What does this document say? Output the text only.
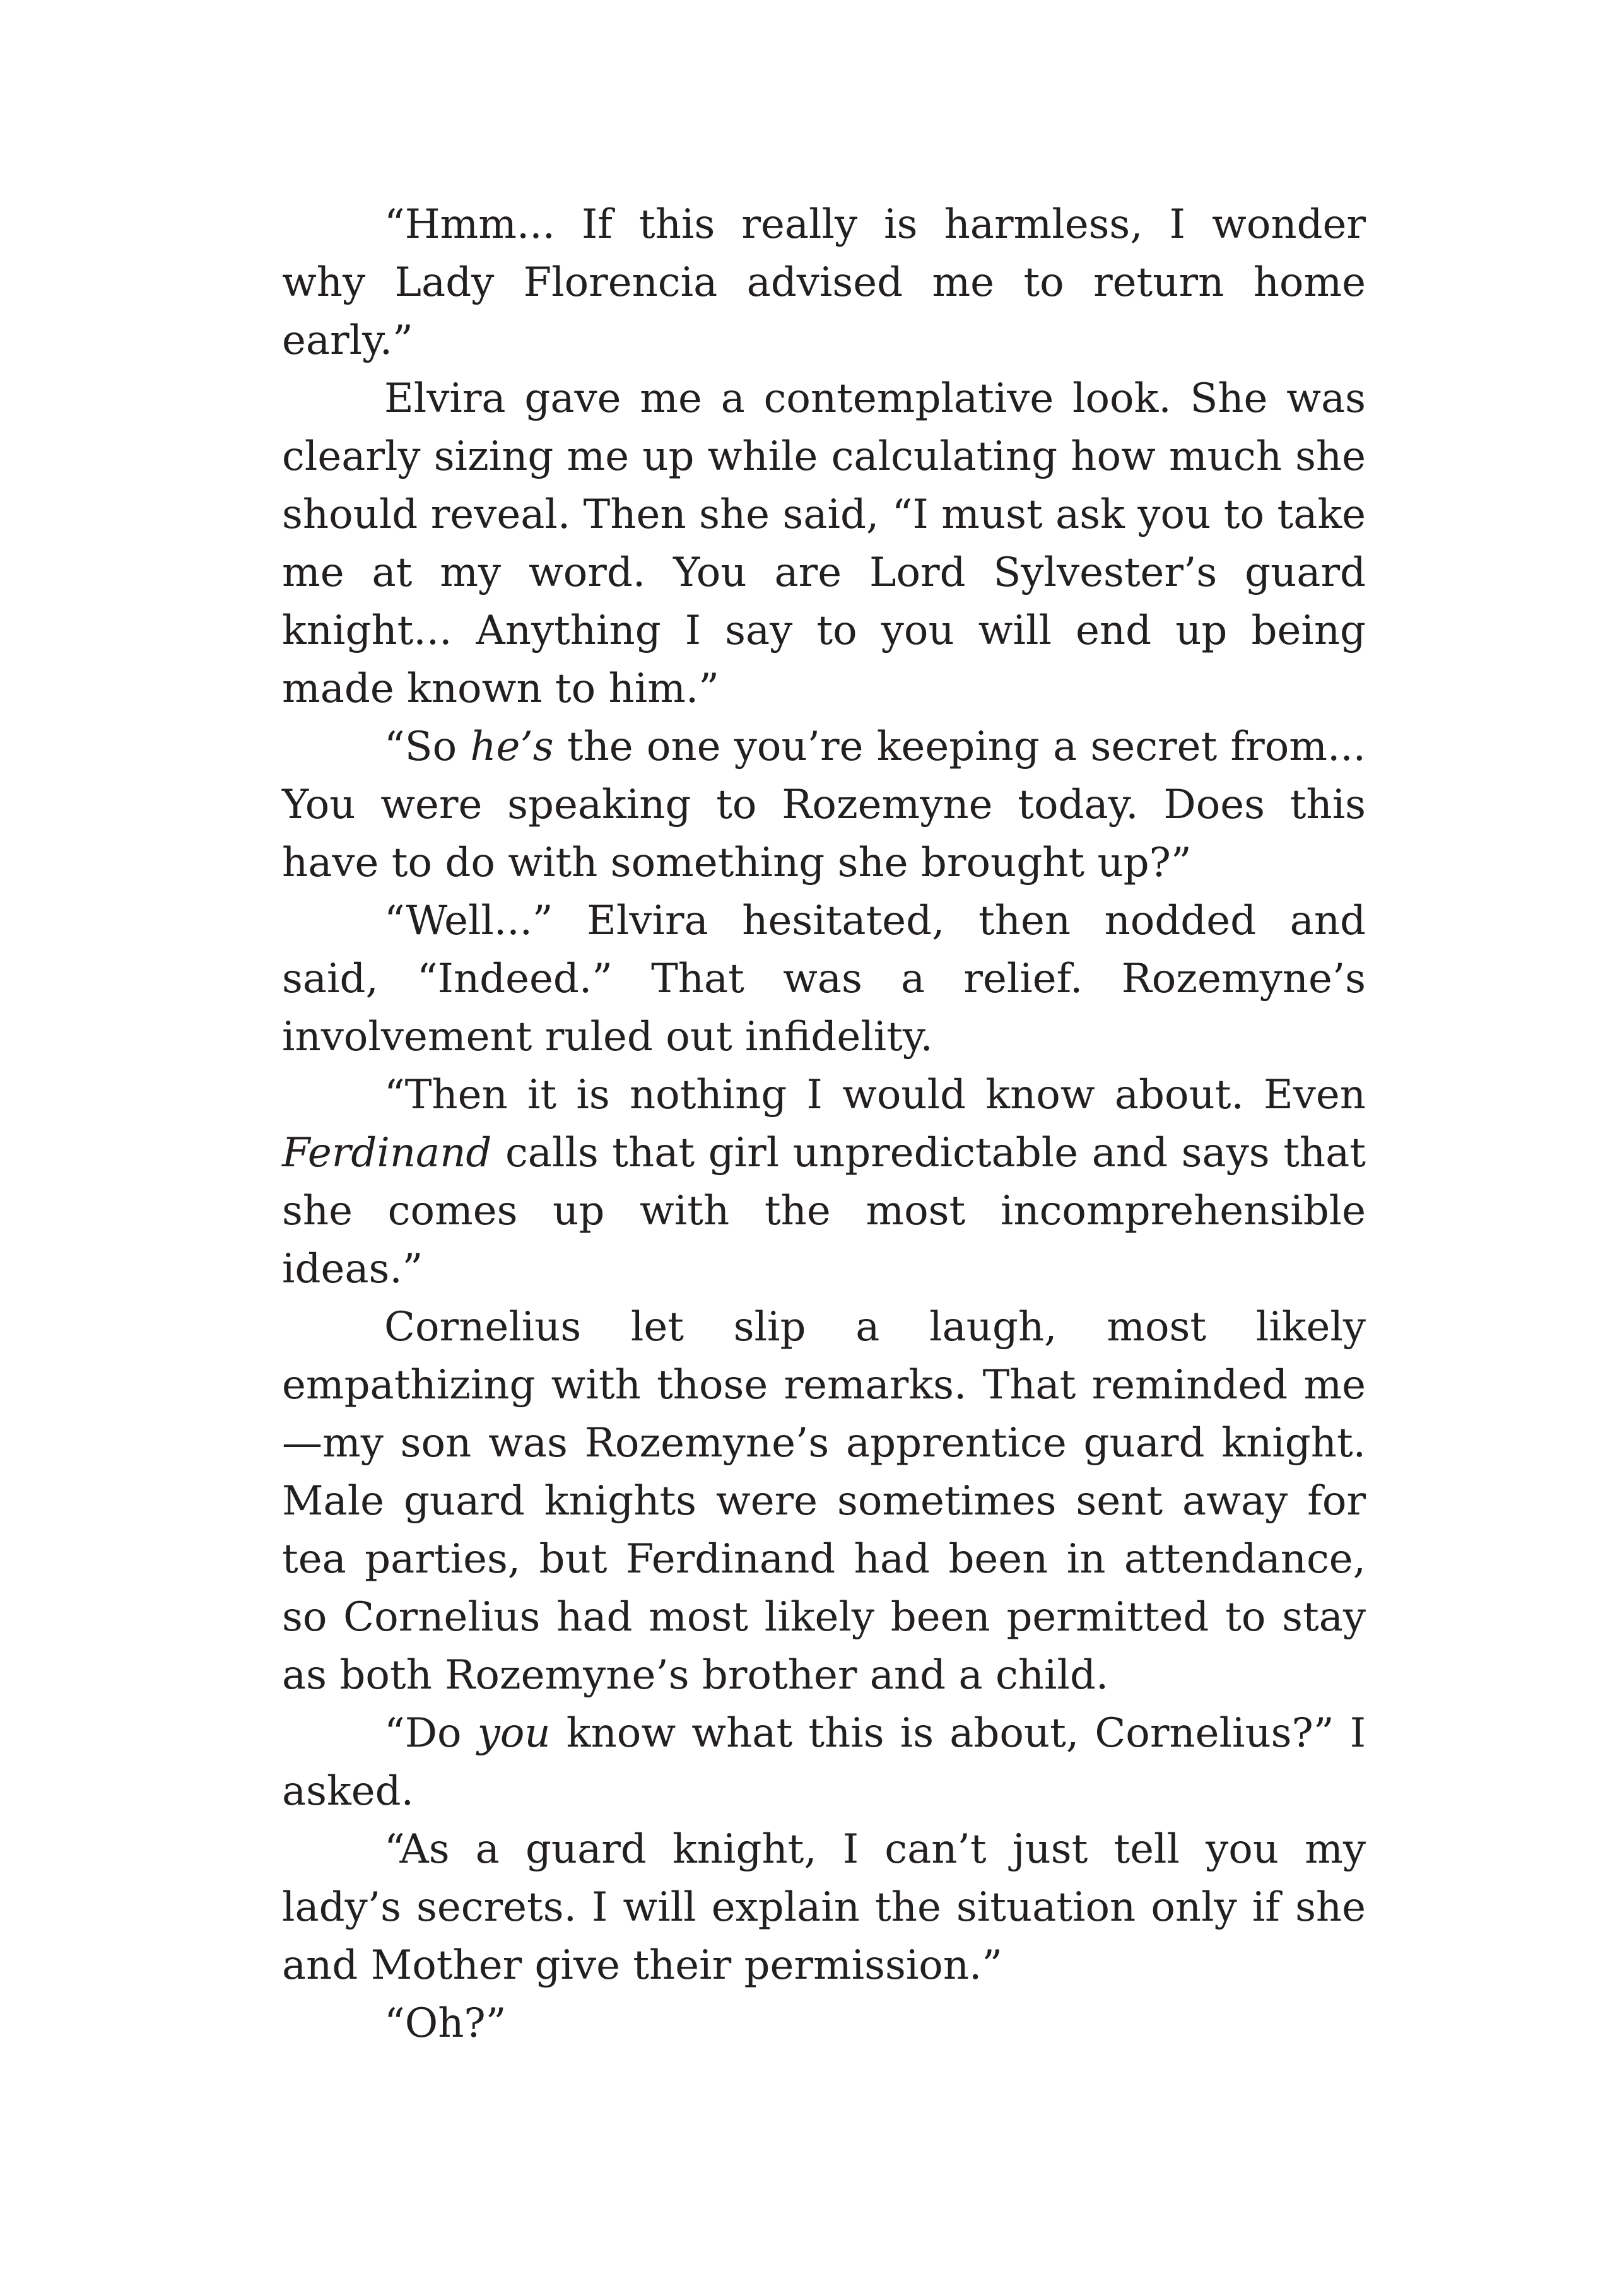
“Hmm... If this really is harmless, I wonder why Lady Florencia advised me to return home early.”

Elvira gave me a contemplative look. She was clearly sizing me up while calculating how much she should reveal. Then she said, “I must ask you to take me at my word. You are Lord Sylvester’s guard knight... Anything I say to you will end up being made known to him.”

“So he’s the one you’re keeping a secret from... You were speaking to Rozemyne today. Does this have to do with something she brought up?”

“Well...” Elvira hesitated, then nodded and said, “Indeed.” That was a relief. Rozemyne’s involvement ruled out infidelity.

“Then it is nothing I would know about. Even Ferdinand calls that girl unpredictable and says that she comes up with the most incomprehensible ideas.”

Cornelius let slip a laugh, most likely empathizing with those remarks. That reminded me—my son was Rozemyne’s apprentice guard knight. Male guard knights were sometimes sent away for tea parties, but Ferdinand had been in attendance, so Cornelius had most likely been permitted to stay as both Rozemyne’s brother and a child.

“Do you know what this is about, Cornelius?” I asked.

“As a guard knight, I can’t just tell you my lady’s secrets. I will explain the situation only if she and Mother give their permission.”

“Oh?”
